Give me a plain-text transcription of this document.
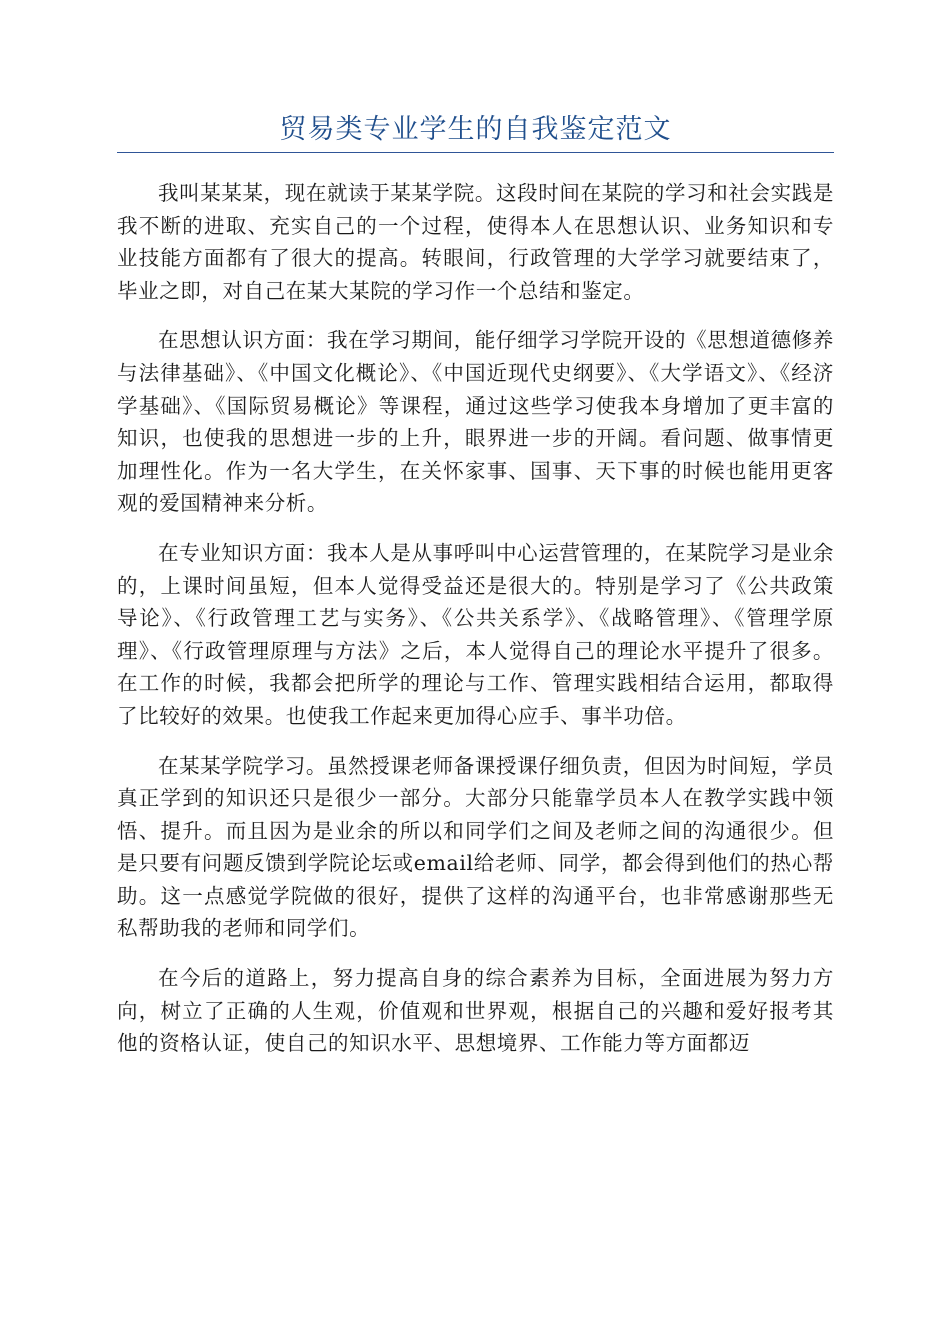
贸易类专业学生的自我鉴定范文

我叫某某某，现在就读于某某学院。这段时间在某院的学习和社会实践是我不断的进取、充实自己的一个过程，使得本人在思想认识、业务知识和专业技能方面都有了很大的提高。转眼间，行政管理的大学学习就要结束了，毕业之即，对自己在某大某院的学习作一个总结和鉴定。

在思想认识方面：我在学习期间，能仔细学习学院开设的《思想道德修养与法律基础》、《中国文化概论》、《中国近现代史纲要》、《大学语文》、《经济学基础》、《国际贸易概论》等课程，通过这些学习使我本身增加了更丰富的知识，也使我的思想进一步的上升，眼界进一步的开阔。看问题、做事情更加理性化。作为一名大学生，在关怀家事、国事、天下事的时候也能用更客观的爱国精神来分析。

在专业知识方面：我本人是从事呼叫中心运营管理的，在某院学习是业余的，上课时间虽短，但本人觉得受益还是很大的。特别是学习了《公共政策导论》、《行政管理工艺与实务》、《公共关系学》、《战略管理》、《管理学原理》、《行政管理原理与方法》之后，本人觉得自己的理论水平提升了很多。在工作的时候，我都会把所学的理论与工作、管理实践相结合运用，都取得了比较好的效果。也使我工作起来更加得心应手、事半功倍。

在某某学院学习。虽然授课老师备课授课仔细负责，但因为时间短，学员真正学到的知识还只是很少一部分。大部分只能靠学员本人在教学实践中领悟、提升。而且因为是业余的所以和同学们之间及老师之间的沟通很少。但是只要有问题反馈到学院论坛或email给老师、同学，都会得到他们的热心帮助。这一点感觉学院做的很好，提供了这样的沟通平台，也非常感谢那些无私帮助我的老师和同学们。

在今后的道路上，努力提高自身的综合素养为目标，全面进展为努力方向，树立了正确的人生观，价值观和世界观，根据自己的兴趣和爱好报考其他的资格认证，使自己的知识水平、思想境界、工作能力等方面都迈
